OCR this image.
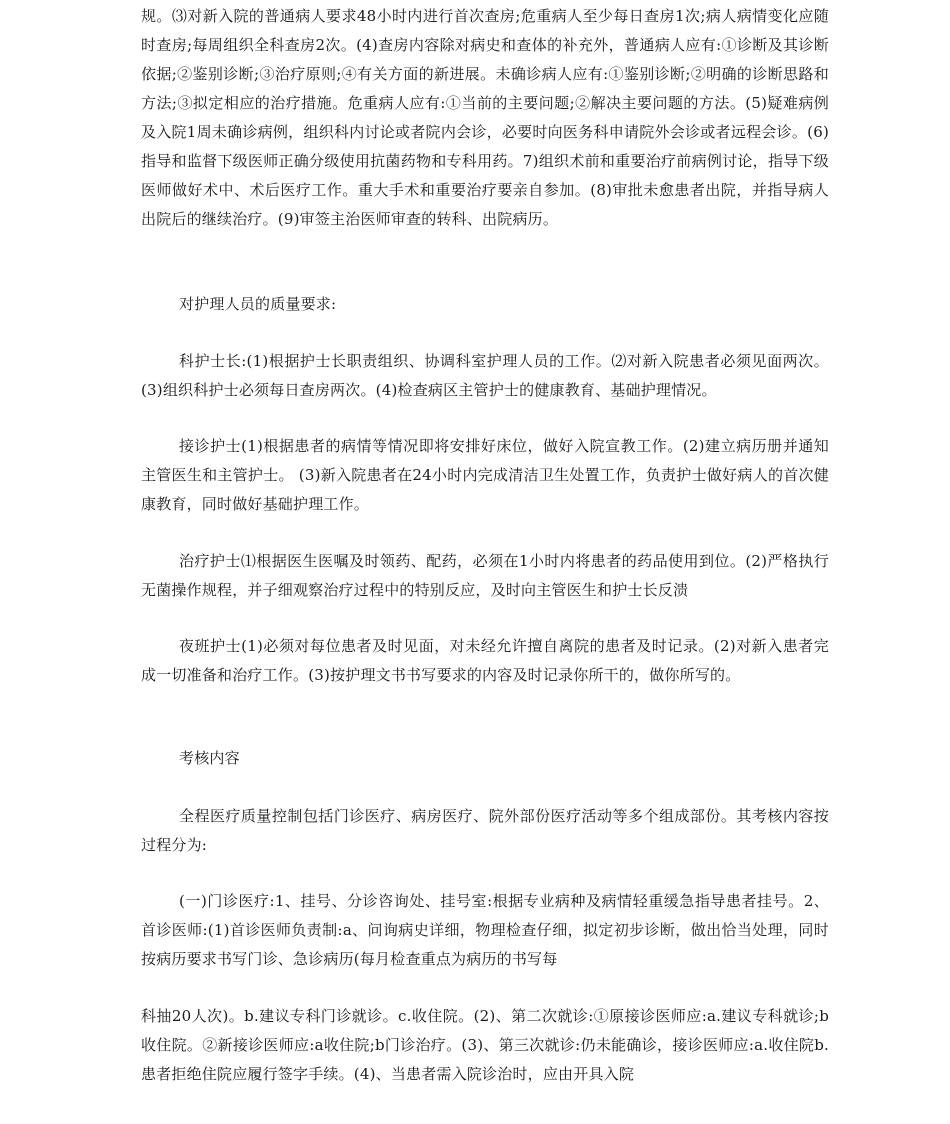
规。⑶对新入院的普通病人要求48小时内进行首次查房;危重病人至少每日查房1次;病人病情变化应随时查房;每周组织全科查房2次。(4)查房内容除对病史和查体的补充外，普通病人应有:①诊断及其诊断依据;②鉴别诊断;③治疗原则;④有关方面的新进展。未确诊病人应有:①鉴别诊断;②明确的诊断思路和方法;③拟定相应的治疗措施。危重病人应有:①当前的主要问题;②解决主要问题的方法。(5)疑难病例及入院1周未确诊病例，组织科内讨论或者院内会诊，必要时向医务科申请院外会诊或者远程会诊。(6)指导和监督下级医师正确分级使用抗菌药物和专科用药。7)组织术前和重要治疗前病例讨论，指导下级医师做好术中、术后医疗工作。重大手术和重要治疗要亲自参加。(8)审批未愈患者出院，并指导病人出院后的继续治疗。(9)审签主治医师审查的转科、出院病历。

对护理人员的质量要求:

科护士长:(1)根据护士长职责组织、协调科室护理人员的工作。⑵对新入院患者必须见面两次。(3)组织科护士必须每日查房两次。(4)检查病区主管护士的健康教育、基础护理情况。

接诊护士(1)根据患者的病情等情况即将安排好床位，做好入院宣教工作。(2)建立病历册并通知主管医生和主管护士。 (3)新入院患者在24小时内完成清洁卫生处置工作，负责护士做好病人的首次健康教育，同时做好基础护理工作。

治疗护士⑴根据医生医嘱及时领药、配药，必须在1小时内将患者的药品使用到位。(2)严格执行无菌操作规程，并子细观察治疗过程中的特别反应，及时向主管医生和护士长反溃

夜班护士(1)必须对每位患者及时见面，对未经允许擅自离院的患者及时记录。(2)对新入患者完成一切准备和治疗工作。(3)按护理文书书写要求的内容及时记录你所干的，做你所写的。

考核内容

全程医疗质量控制包括门诊医疗、病房医疗、院外部份医疗活动等多个组成部份。其考核内容按过程分为:

(一)门诊医疗:1、挂号、分诊咨询处、挂号室:根据专业病种及病情轻重缓急指导患者挂号。2、首诊医师:(1)首诊医师负责制:a、问询病史详细，物理检查仔细，拟定初步诊断，做出恰当处理，同时按病历要求书写门诊、急诊病历(每月检查重点为病历的书写每

科抽20人次)。b.建议专科门诊就诊。c.收住院。(2)、第二次就诊:①原接诊医师应:a.建议专科就诊;b收住院。②新接诊医师应:a收住院;b门诊治疗。(3)、第三次就诊:仍未能确诊，接诊医师应:a.收住院b.患者拒绝住院应履行签字手续。(4)、当患者需入院诊治时，应由开具入院
